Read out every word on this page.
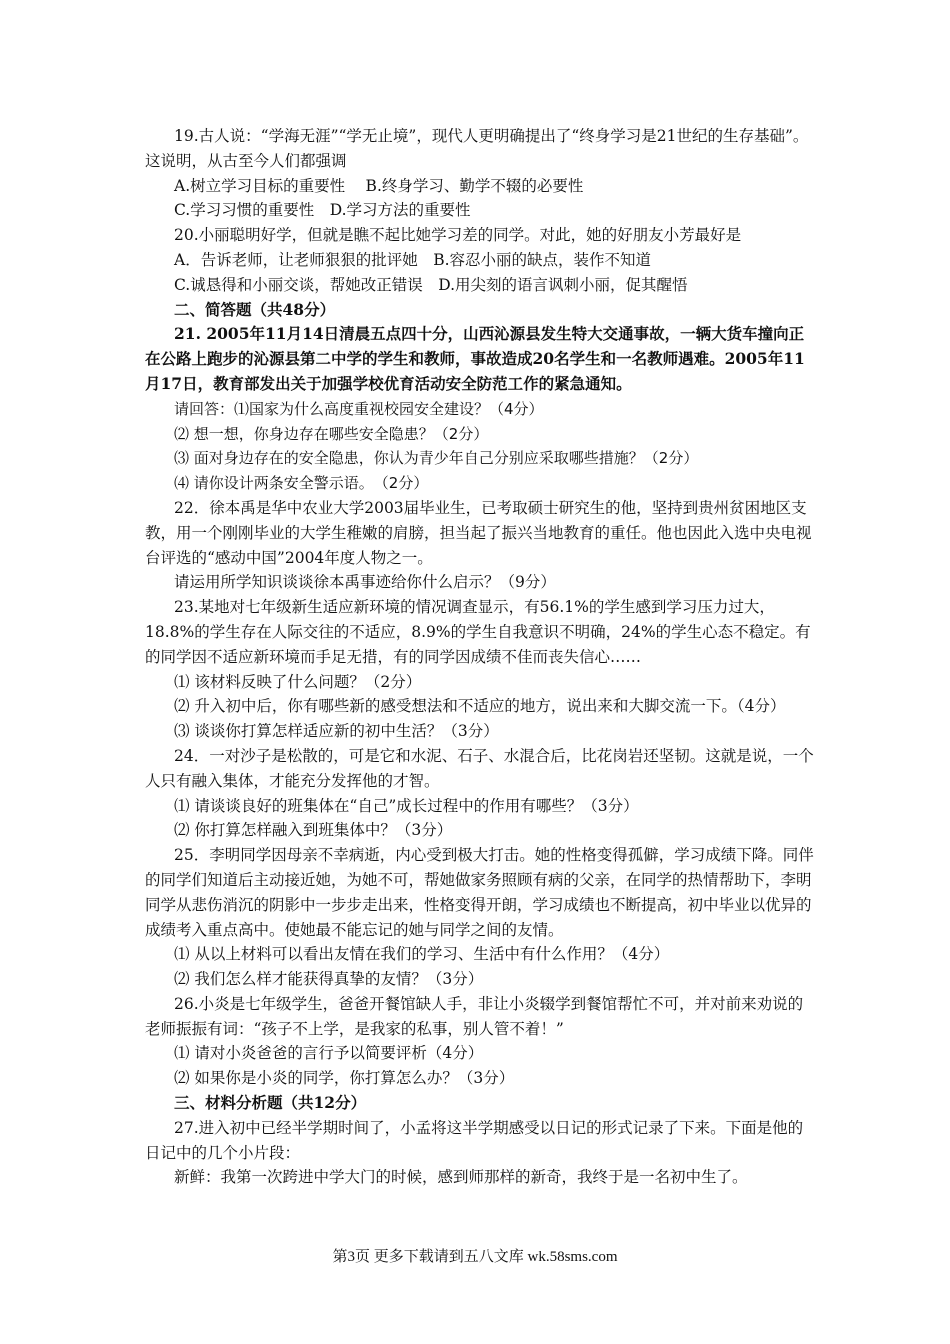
19.古人说：“学海无涯”“学无止境”，现代人更明确提出了“终身学习是21世纪的生存基础”。这说明，从古至今人们都强调

A.树立学习目标的重要性　 B.终身学习、勤学不辍的必要性

C.学习习惯的重要性　D.学习方法的重要性

20.小丽聪明好学，但就是瞧不起比她学习差的同学。对此，她的好朋友小芳最好是

A．告诉老师，让老师狠狠的批评她　B.容忍小丽的缺点，装作不知道

C.诚恳得和小丽交谈，帮她改正错误　D.用尖刻的语言讽刺小丽，促其醒悟

二、简答题（共48分）

21. 2005年11月14日清晨五点四十分，山西沁源县发生特大交通事故，一辆大货车撞向正在公路上跑步的沁源县第二中学的学生和教师，事故造成20名学生和一名教师遇难。2005年11月17日，教育部发出关于加强学校优育活动安全防范工作的紧急通知。

请回答：⑴国家为什么高度重视校园安全建设？（4分）

⑵ 想一想，你身边存在哪些安全隐患？（2分）

⑶ 面对身边存在的安全隐患，你认为青少年自己分别应采取哪些措施？（2分）

⑷ 请你设计两条安全警示语。　（2分）

22．徐本禹是华中农业大学2003届毕业生，已考取硕士研究生的他，坚持到贵州贫困地区支教，用一个刚刚毕业的大学生稚嫩的肩膀，担当起了振兴当地教育的重任。他也因此入选中央电视台评选的“感动中国”2004年度人物之一。

请运用所学知识谈谈徐本禹事迹给你什么启示？（9分）

23.某地对七年级新生适应新环境的情况调查显示，有56.1%的学生感到学习压力过大，18.8%的学生存在人际交往的不适应，8.9%的学生自我意识不明确，24%的学生心态不稳定。有的同学因不适应新环境而手足无措，有的同学因成绩不佳而丧失信心……

⑴ 该材料反映了什么问题？（2分）

⑵ 升入初中后，你有哪些新的感受想法和不适应的地方，说出来和大脚交流一下。（4分）

⑶ 谈谈你打算怎样适应新的初中生活？（3分）

24．一对沙子是松散的，可是它和水泥、石子、水混合后，比花岗岩还坚韧。这就是说，一个人只有融入集体，才能充分发挥他的才智。

⑴ 请谈谈良好的班集体在“自己”成长过程中的作用有哪些？（3分）

⑵ 你打算怎样融入到班集体中？（3分）

25．李明同学因母亲不幸病逝，内心受到极大打击。她的性格变得孤僻，学习成绩下降。同伴的同学们知道后主动接近她，为她不可，帮她做家务照顾有病的父亲，在同学的热情帮助下，李明同学从悲伤消沉的阴影中一步步走出来，性格变得开朗，学习成绩也不断提高，初中毕业以优异的成绩考入重点高中。使她最不能忘记的她与同学之间的友情。

⑴ 从以上材料可以看出友情在我们的学习、生活中有什么作用？（4分）

⑵ 我们怎么样才能获得真挚的友情？（3分）

26.小炎是七年级学生，爸爸开餐馆缺人手，非让小炎辍学到餐馆帮忙不可，并对前来劝说的老师振振有词：“孩子不上学，是我家的私事，别人管不着！”

⑴ 请对小炎爸爸的言行予以简要评析（4分）

⑵ 如果你是小炎的同学，你打算怎么办？（3分）

三、材料分析题（共12分）

27.进入初中已经半学期时间了，小孟将这半学期感受以日记的形式记录了下来。下面是他的日记中的几个小片段：

新鲜：我第一次跨进中学大门的时候，感到师那样的新奇，我终于是一名初中生了。

第3页 更多下载请到五八文库 wk.58sms.com
